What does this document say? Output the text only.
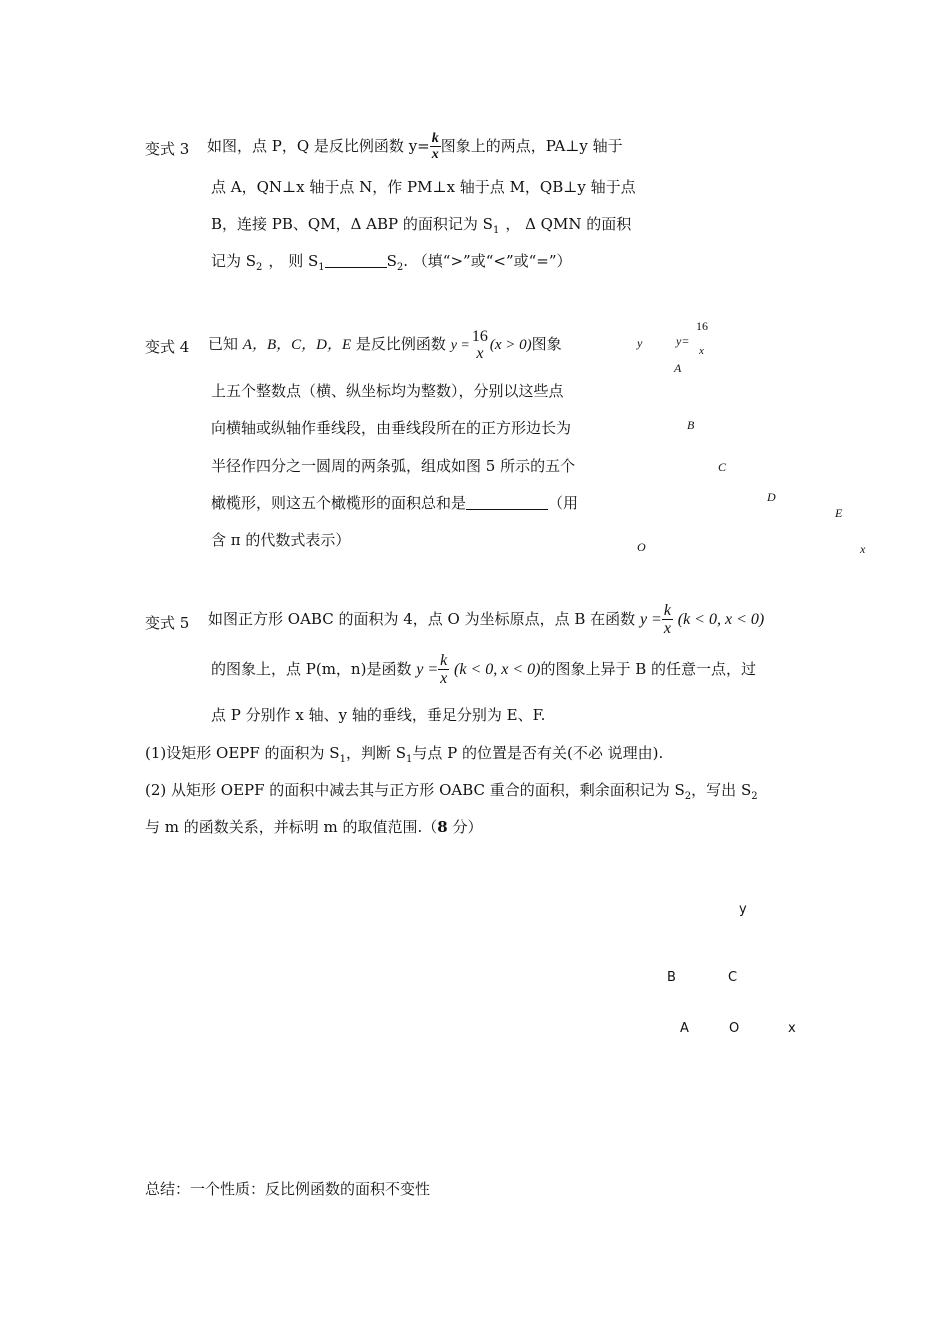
变式 3 如图，点 P，Q 是反比例函数 $y= \frac{k}{x}$ 图象上的两点，PA⊥y 轴于
点 A，QN⊥x 轴于点 N，作 PM⊥x 轴于点 M，QB⊥y 轴于点
B，连接 PB、QM，Δ ABP 的面积记为 $S_1$ ， Δ QMN 的面积
记为 $S_2$ ， 则 $S_1$	$S_2$. （填“>”或“<”或“=”）
变式 4 已知 A，B，C，D，E 是反比例函数 y =
16
x (x > 0)图象
上五个整数点（横、纵坐标均为整数），分别以这些点
向横轴或纵轴作垂线段，由垂线段所在的正方形边长为
半径作四分之一圆周的两条弧，组成如图 5 所示的五个
橄榄形，则这五个橄榄形的面积总和是	（用
含 π 的代数式表示）
y	y=
16
x
A
B
C
D
E
O	x
变式 5 如图正方形 OABC 的面积为 4，点 O 为坐标原点，点 B 在函数 $y = \frac{k}{x} (k < 0$, x < 0)
的图象上，点 P(m，n)是函数 $y = \frac{k}{x} (k < 0$, x < 0)的图象上异于 B 的任意一点，过
点 P 分别作 x 轴、y 轴的垂线，垂足分别为 E、F.
(1)设矩形 OEPF 的面积为 $S_1$，判断 $S_1$与点 P 的位置是否有关(不必 说理由).
(2) 从矩形 OEPF 的面积中减去其与正方形 OABC 重合的面积，剩余面积记为 $S_2$，写出 $S_2$
与 m 的函数关系，并标明 m 的取值范围.（8 分）
y
B	C
A	O	x
总结：一个性质：反比例函数的面积不变性
